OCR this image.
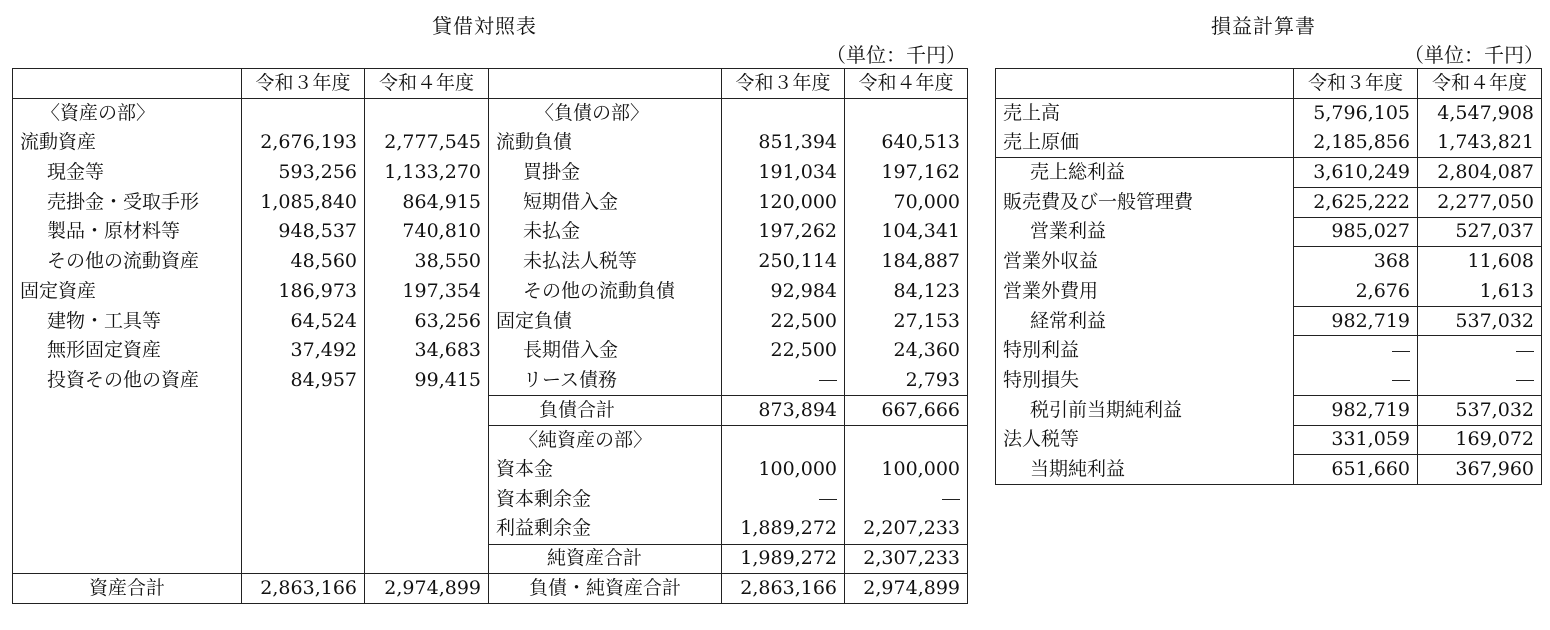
貸借対照表
（単位：千円）
損益計算書
（単位：千円）
	令和３年度	令和４年度		令和３年度	令和４年度
〈資産の部〉			〈負債の部〉		
流動資産	2,676,193	2,777,545	流動負債	851,394	640,513
現金等	593,256	1,133,270	買掛金	191,034	197,162
売掛金・受取手形	1,085,840	864,915	短期借入金	120,000	70,000
製品・原材料等	948,537	740,810	未払金	197,262	104,341
その他の流動資産	48,560	38,550	未払法人税等	250,114	184,887
固定資産	186,973	197,354	その他の流動負債	92,984	84,123
建物・工具等	64,524	63,256	固定負債	22,500	27,153
無形固定資産	37,492	34,683	長期借入金	22,500	24,360
投資その他の資産	84,957	99,415	リース債務		2,793
			負債合計	873,894	667,666
			〈純資産の部〉		
			資本金	100,000	100,000
			資本剰余金		
			利益剰余金	1,889,272	2,207,233
			純資産合計	1,989,272	2,307,233
資産合計	2,863,166	2,974,899	負債・純資産合計	2,863,166	2,974,899
	令和３年度	令和４年度
売上高	5,796,105	4,547,908
売上原価	2,185,856	1,743,821
売上総利益	3,610,249	2,804,087
販売費及び一般管理費	2,625,222	2,277,050
営業利益	985,027	527,037
営業外収益	368	11,608
営業外費用	2,676	1,613
経常利益	982,719	537,032
特別利益		
特別損失		
税引前当期純利益	982,719	537,032
法人税等	331,059	169,072
当期純利益	651,660	367,960
